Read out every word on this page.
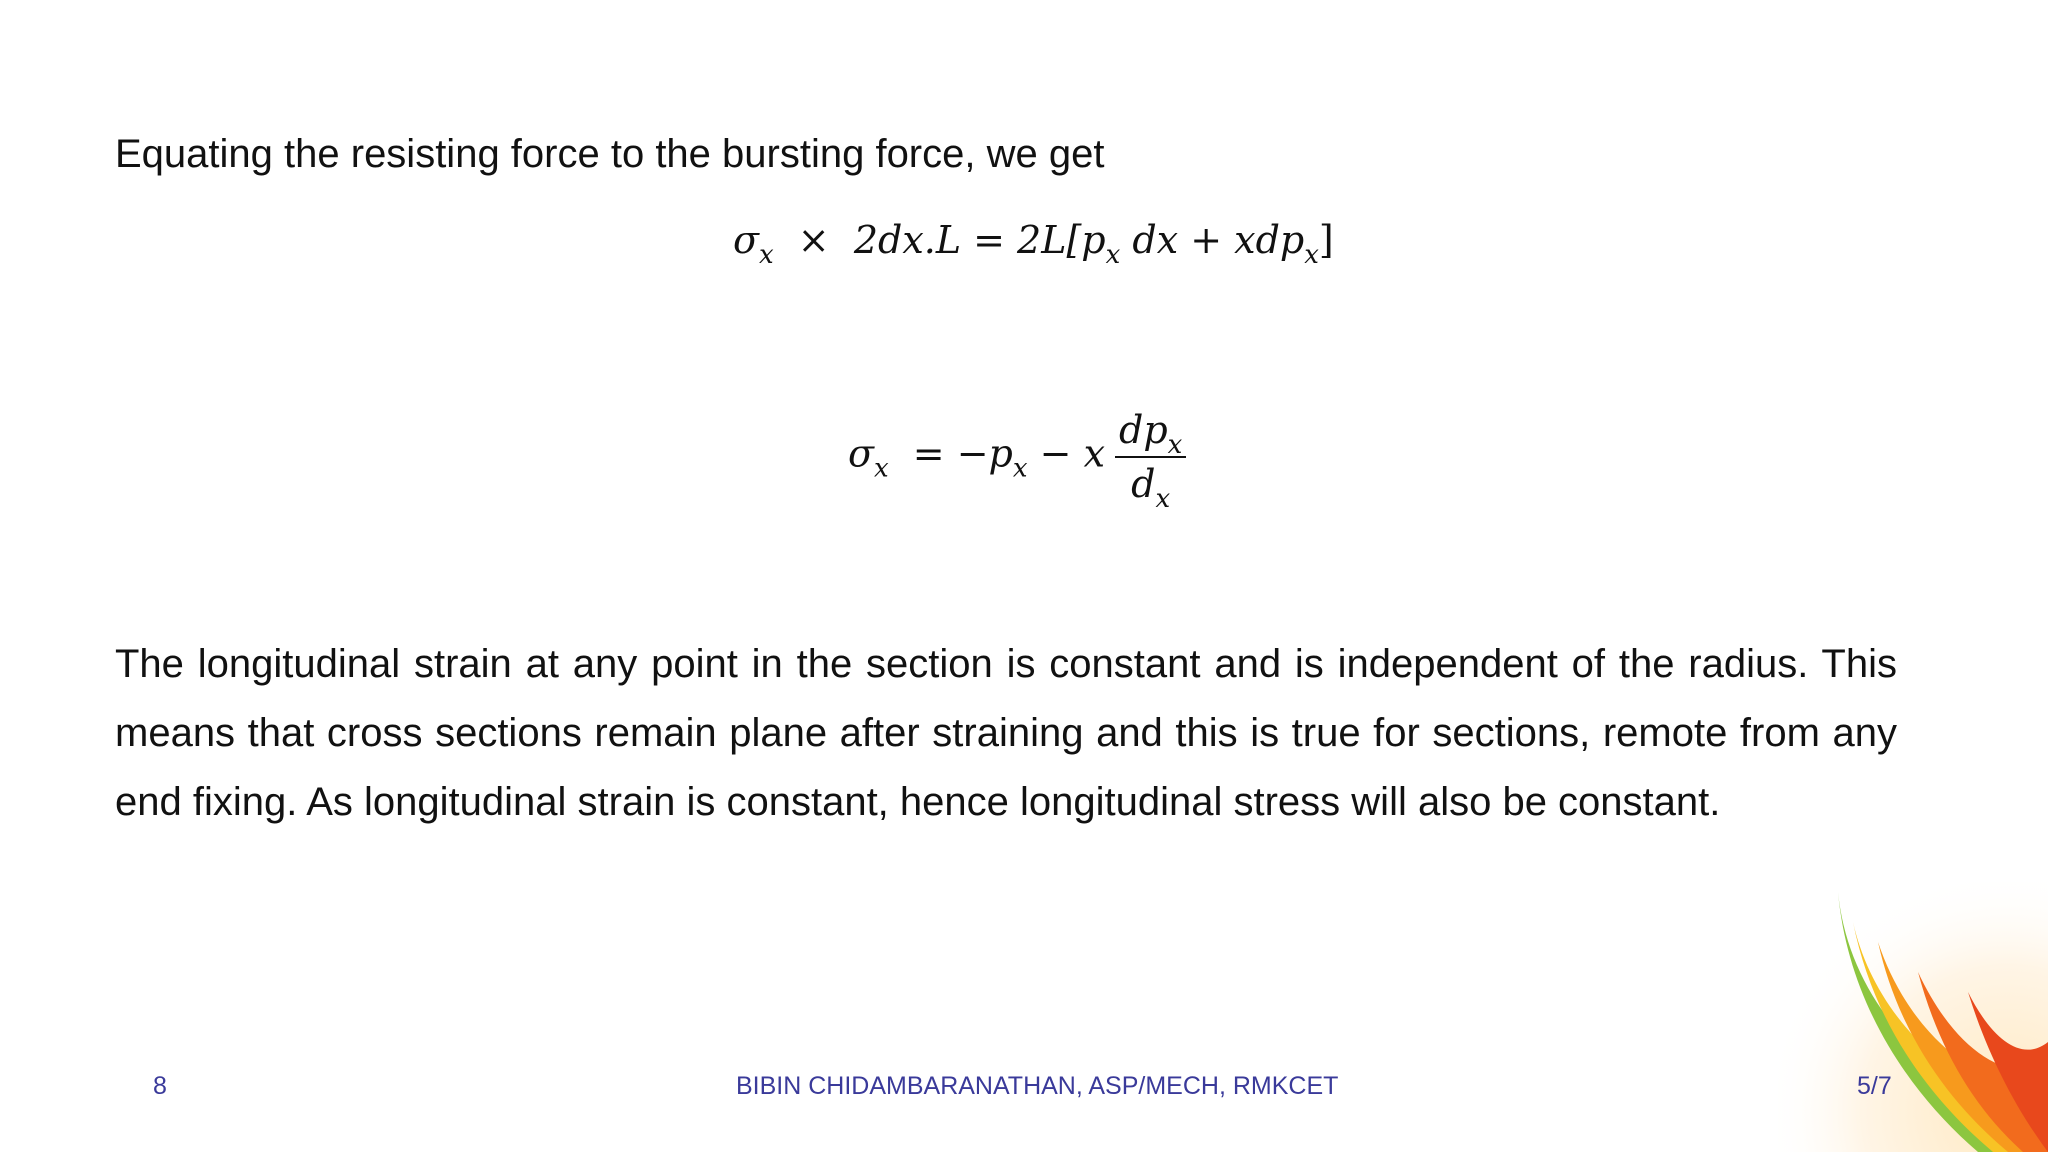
Equating the resisting force to the bursting force, we get
$\sigma_x \times 2dx.L = 2L[p_x$ dx + xdp$_x$]
$\sigma_x = -p_x - x \frac{dp_x}{d_x}$
The longitudinal strain at any point in the section is constant and is independent of the radius. This means that cross sections remain plane after straining and this is true for sections, remote from any end fixing. As longitudinal strain is constant, hence longitudinal stress will also be constant.
8	BIBIN CHIDAMBARANATHAN, ASP/MECH, RMKCET	5/7
